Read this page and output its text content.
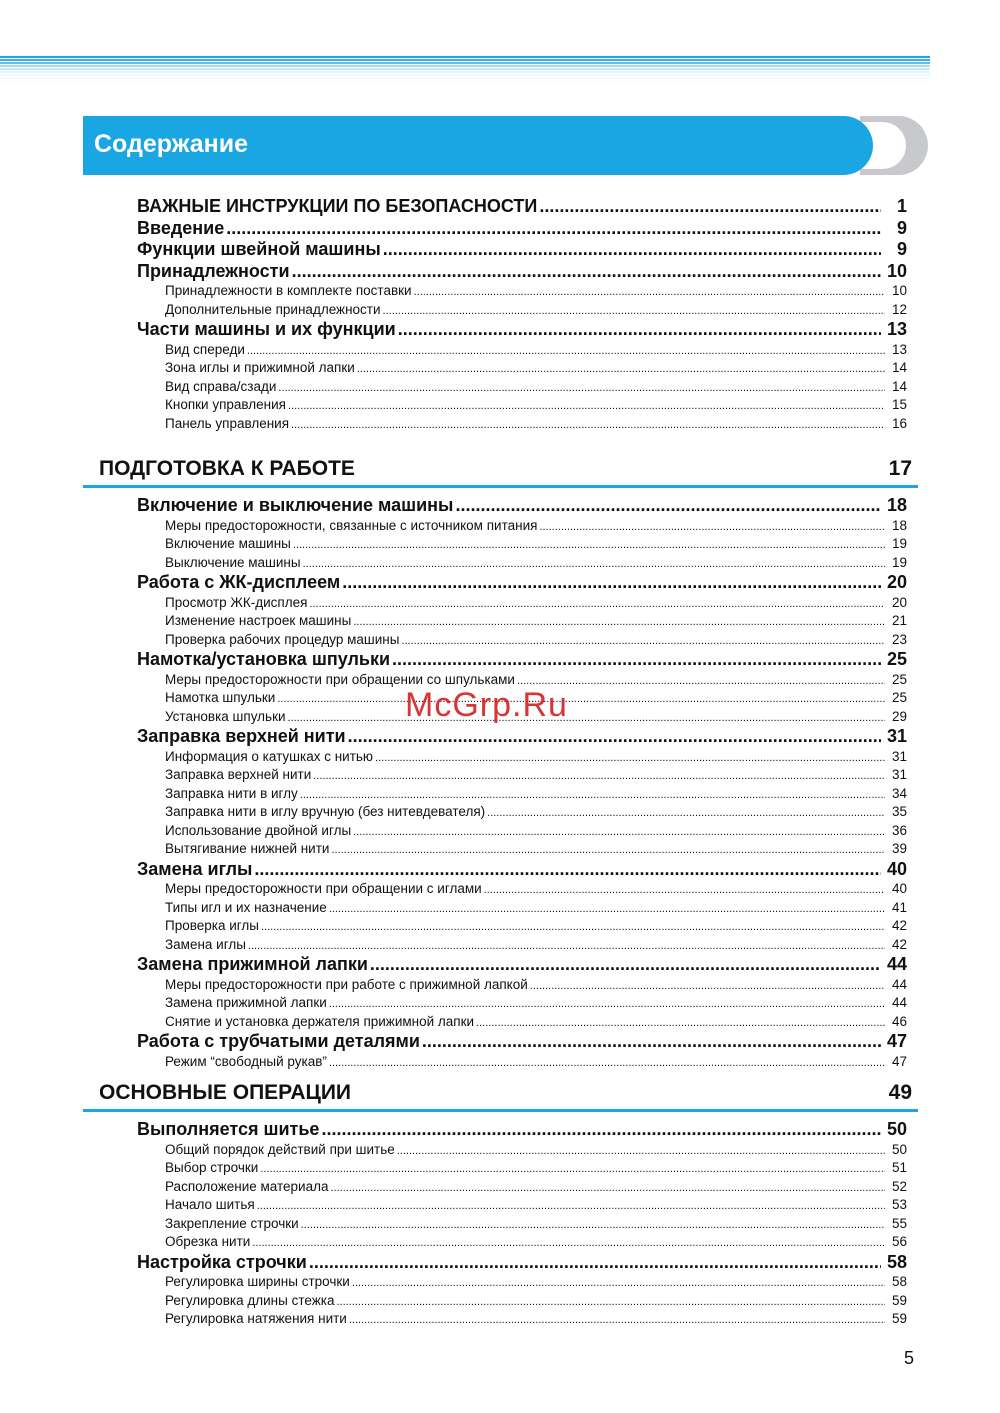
Содержание
ВАЖНЫЕ ИНСТРУКЦИИ ПО БЕЗОПАСНОСТИ .....	1
Введение .....	9
Функции швейной машины .....	9
Принадлежности .....	10
Принадлежности в комплекте поставки .....	10
Дополнительные принадлежности .....	12
Части машины и их функции .....	13
Вид спереди .....	13
Зона иглы и прижимной лапки .....	14
Вид справа/сзади .....	14
Кнопки управления .....	15
Панель управления .....	16
ПОДГОТОВКА К РАБОТЕ	17
Включение и выключение машины .....	18
Меры предосторожности, связанные с источником питания .....	18
Включение машины .....	19
Выключение машины .....	19
Работа с ЖК-дисплеем .....	20
Просмотр ЖК-дисплея .....	20
Изменение настроек машины .....	21
Проверка рабочих процедур машины .....	23
Намотка/установка шпульки .....	25
Меры предосторожности при обращении со шпульками .....	25
Намотка шпульки .....	25
Установка шпульки .....	29
Заправка верхней нити .....	31
Информация о катушках с нитью .....	31
Заправка верхней нити .....	31
Заправка нити в иглу .....	34
Заправка нити в иглу вручную (без нитевдевателя) .....	35
Использование двойной иглы .....	36
Вытягивание нижней нити .....	39
Замена иглы .....	40
Меры предосторожности при обращении с иглами .....	40
Типы игл и их назначение .....	41
Проверка иглы .....	42
Замена иглы .....	42
Замена прижимной лапки .....	44
Меры предосторожности при работе с прижимной лапкой .....	44
Замена прижимной лапки .....	44
Снятие и установка держателя прижимной лапки .....	46
Работа с трубчатыми деталями .....	47
Режим “свободный рукав” .....	47
ОСНОВНЫЕ ОПЕРАЦИИ	49
Выполняется шитье .....	50
Общий порядок действий при шитье .....	50
Выбор строчки .....	51
Расположение материала .....	52
Начало шитья .....	53
Закрепление строчки .....	55
Обрезка нити .....	56
Настройка строчки .....	58
Регулировка ширины строчки .....	58
Регулировка длины стежка .....	59
Регулировка натяжения нити .....	59
McGrp.Ru
5
